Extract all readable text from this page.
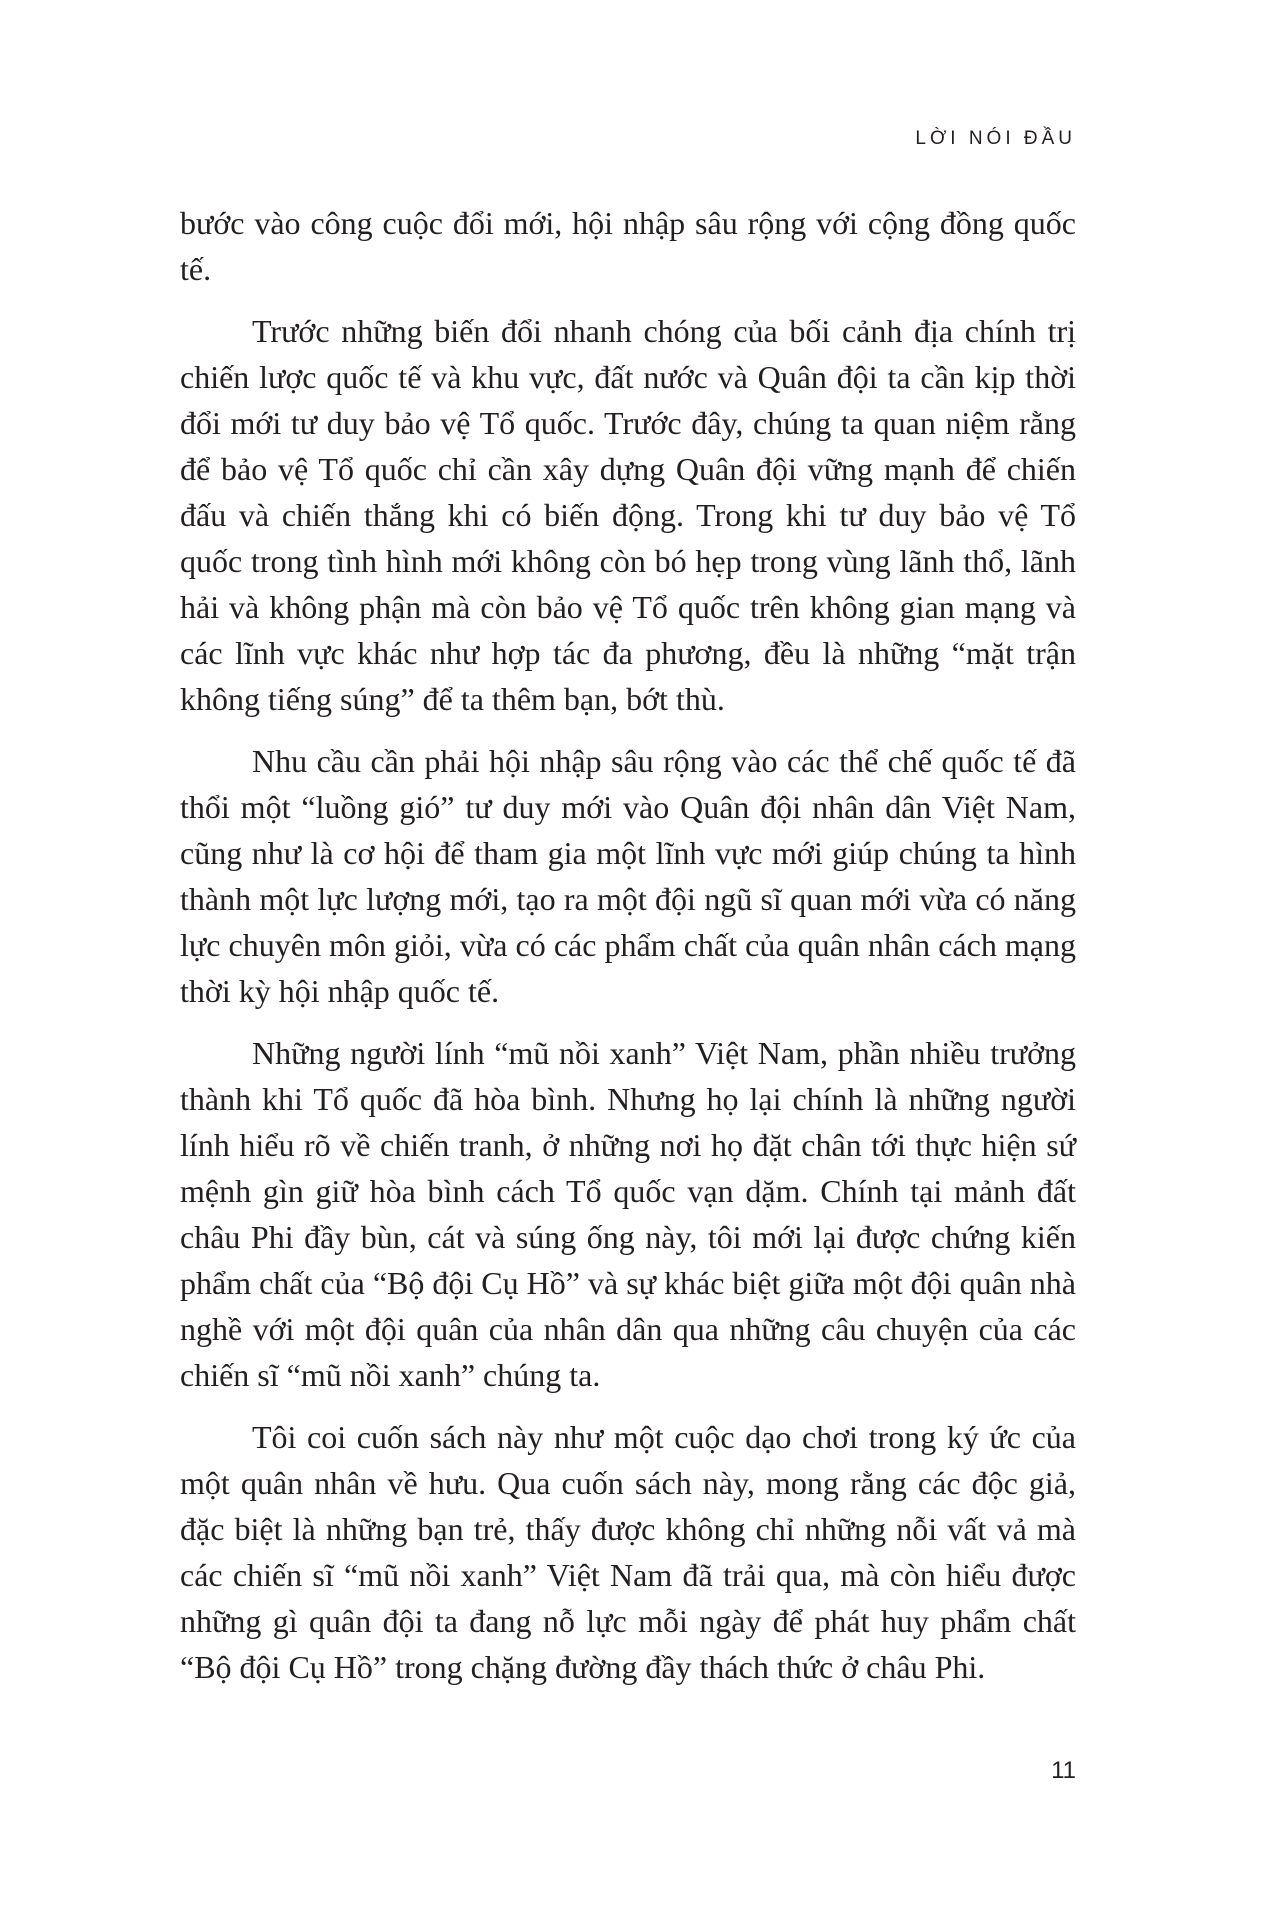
LỜI NÓI ĐẦU

bước vào công cuộc đổi mới, hội nhập sâu rộng với cộng đồng quốc tế.

Trước những biến đổi nhanh chóng của bối cảnh địa chính trị chiến lược quốc tế và khu vực, đất nước và Quân đội ta cần kịp thời đổi mới tư duy bảo vệ Tổ quốc. Trước đây, chúng ta quan niệm rằng để bảo vệ Tổ quốc chỉ cần xây dựng Quân đội vững mạnh để chiến đấu và chiến thắng khi có biến động. Trong khi tư duy bảo vệ Tổ quốc trong tình hình mới không còn bó hẹp trong vùng lãnh thổ, lãnh hải và không phận mà còn bảo vệ Tổ quốc trên không gian mạng và các lĩnh vực khác như hợp tác đa phương, đều là những “mặt trận không tiếng súng” để ta thêm bạn, bớt thù.

Nhu cầu cần phải hội nhập sâu rộng vào các thể chế quốc tế đã thổi một “luồng gió” tư duy mới vào Quân đội nhân dân Việt Nam, cũng như là cơ hội để tham gia một lĩnh vực mới giúp chúng ta hình thành một lực lượng mới, tạo ra một đội ngũ sĩ quan mới vừa có năng lực chuyên môn giỏi, vừa có các phẩm chất của quân nhân cách mạng thời kỳ hội nhập quốc tế.

Những người lính “mũ nồi xanh” Việt Nam, phần nhiều trưởng thành khi Tổ quốc đã hòa bình. Nhưng họ lại chính là những người lính hiểu rõ về chiến tranh, ở những nơi họ đặt chân tới thực hiện sứ mệnh gìn giữ hòa bình cách Tổ quốc vạn dặm. Chính tại mảnh đất châu Phi đầy bùn, cát và súng ống này, tôi mới lại được chứng kiến phẩm chất của “Bộ đội Cụ Hồ” và sự khác biệt giữa một đội quân nhà nghề với một đội quân của nhân dân qua những câu chuyện của các chiến sĩ “mũ nồi xanh” chúng ta.

Tôi coi cuốn sách này như một cuộc dạo chơi trong ký ức của một quân nhân về hưu. Qua cuốn sách này, mong rằng các độc giả, đặc biệt là những bạn trẻ, thấy được không chỉ những nỗi vất vả mà các chiến sĩ “mũ nồi xanh” Việt Nam đã trải qua, mà còn hiểu được những gì quân đội ta đang nỗ lực mỗi ngày để phát huy phẩm chất “Bộ đội Cụ Hồ” trong chặng đường đầy thách thức ở châu Phi.

11
